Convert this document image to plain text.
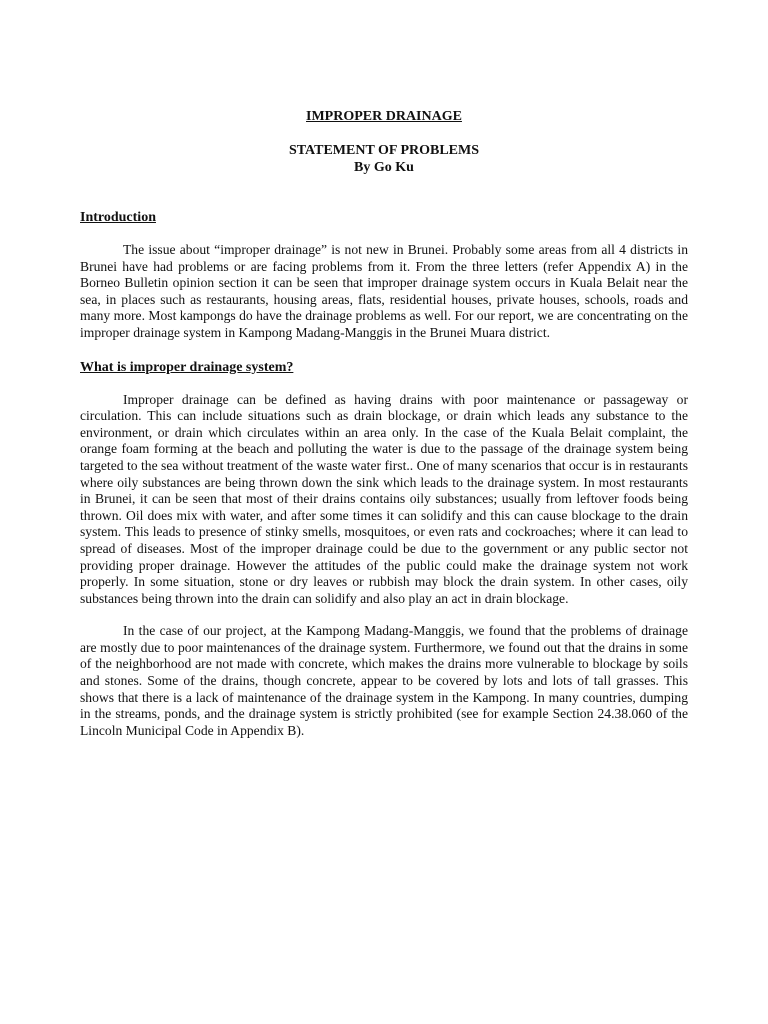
IMPROPER DRAINAGE

STATEMENT OF PROBLEMS

By Go Ku

Introduction

The issue about “improper drainage” is not new in Brunei. Probably some areas from all 4 districts in Brunei have had problems or are facing problems from it. From the three letters (refer Appendix A) in the Borneo Bulletin opinion section it can be seen that improper drainage system occurs in Kuala Belait near the sea, in places such as restaurants, housing areas, flats, residential houses, private houses, schools, roads and many more. Most kampongs do have the drainage problems as well. For our report, we are concentrating on the improper drainage system in Kampong Madang-Manggis in the Brunei Muara district.

What is improper drainage system?

Improper drainage can be defined as having drains with poor maintenance or passageway or circulation. This can include situations such as drain blockage, or drain which leads any substance to the environment, or drain which circulates within an area only. In the case of the Kuala Belait complaint, the orange foam forming at the beach and polluting the water is due to the passage of the drainage system being targeted to the sea without treatment of the waste water first.. One of many scenarios that occur is in restaurants where oily substances are being thrown down the sink which leads to the drainage system. In most restaurants in Brunei, it can be seen that most of their drains contains oily substances; usually from leftover foods being thrown. Oil does mix with water, and after some times it can solidify and this can cause blockage to the drain system. This leads to presence of stinky smells, mosquitoes, or even rats and cockroaches; where it can lead to spread of diseases. Most of the improper drainage could be due to the government or any public sector not providing proper drainage. However the attitudes of the public could make the drainage system not work properly. In some situation, stone or dry leaves or rubbish may block the drain system. In other cases, oily substances being thrown into the drain can solidify and also play an act in drain blockage.

In the case of our project, at the Kampong Madang-Manggis, we found that the problems of drainage are mostly due to poor maintenances of the drainage system. Furthermore, we found out that the drains in some of the neighborhood are not made with concrete, which makes the drains more vulnerable to blockage by soils and stones. Some of the drains, though concrete, appear to be covered by lots and lots of tall grasses. This shows that there is a lack of maintenance of the drainage system in the Kampong. In many countries, dumping in the streams, ponds, and the drainage system is strictly prohibited (see for example Section 24.38.060 of the Lincoln Municipal Code in Appendix B).
